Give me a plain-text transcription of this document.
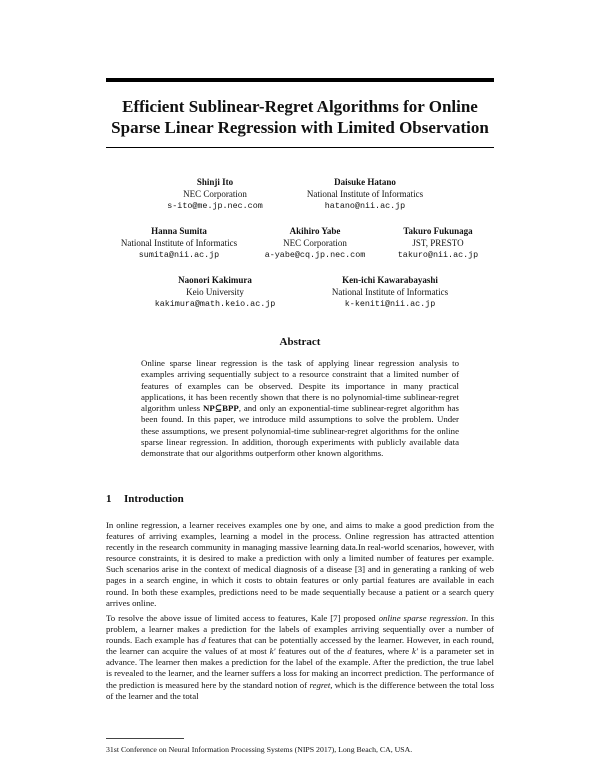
Efficient Sublinear-Regret Algorithms for Online
Sparse Linear Regression with Limited Observation
Shinji Ito
NEC Corporation
s-ito@me.jp.nec.com
Daisuke Hatano
National Institute of Informatics
hatano@nii.ac.jp
Hanna Sumita
National Institute of Informatics
sumita@nii.ac.jp
Akihiro Yabe
NEC Corporation
a-yabe@cq.jp.nec.com
Takuro Fukunaga
JST, PRESTO
takuro@nii.ac.jp
Naonori Kakimura
Keio University
kakimura@math.keio.ac.jp
Ken-ichi Kawarabayashi
National Institute of Informatics
k-keniti@nii.ac.jp
Abstract
Online sparse linear regression is the task of applying linear regression analysis to examples arriving sequentially subject to a resource constraint that a limited number of features of examples can be observed. Despite its importance in many practical applications, it has been recently shown that there is no polynomial-time sublinear-regret algorithm unless NP⊆BPP, and only an exponential-time sublinear-regret algorithm has been found. In this paper, we introduce mild assumptions to solve the problem. Under these assumptions, we present polynomial-time sublinear-regret algorithms for the online sparse linear regression. In addition, thorough experiments with publicly available data demonstrate that our algorithms outperform other known algorithms.
1 Introduction
In online regression, a learner receives examples one by one, and aims to make a good prediction from the features of arriving examples, learning a model in the process. Online regression has attracted attention recently in the research community in managing massive learning data.In real-world scenarios, however, with resource constraints, it is desired to make a prediction with only a limited number of features per example. Such scenarios arise in the context of medical diagnosis of a disease [3] and in generating a ranking of web pages in a search engine, in which it costs to obtain features or only partial features are available in each round. In both these examples, predictions need to be made sequentially because a patient or a search query arrives online.
To resolve the above issue of limited access to features, Kale [7] proposed online sparse regression. In this problem, a learner makes a prediction for the labels of examples arriving sequentially over a number of rounds. Each example has d features that can be potentially accessed by the learner. However, in each round, the learner can acquire the values of at most k′ features out of the d features, where k′ is a parameter set in advance. The learner then makes a prediction for the label of the example. After the prediction, the true label is revealed to the learner, and the learner suffers a loss for making an incorrect prediction. The performance of the prediction is measured here by the standard notion of regret, which is the difference between the total loss of the learner and the total
31st Conference on Neural Information Processing Systems (NIPS 2017), Long Beach, CA, USA.
